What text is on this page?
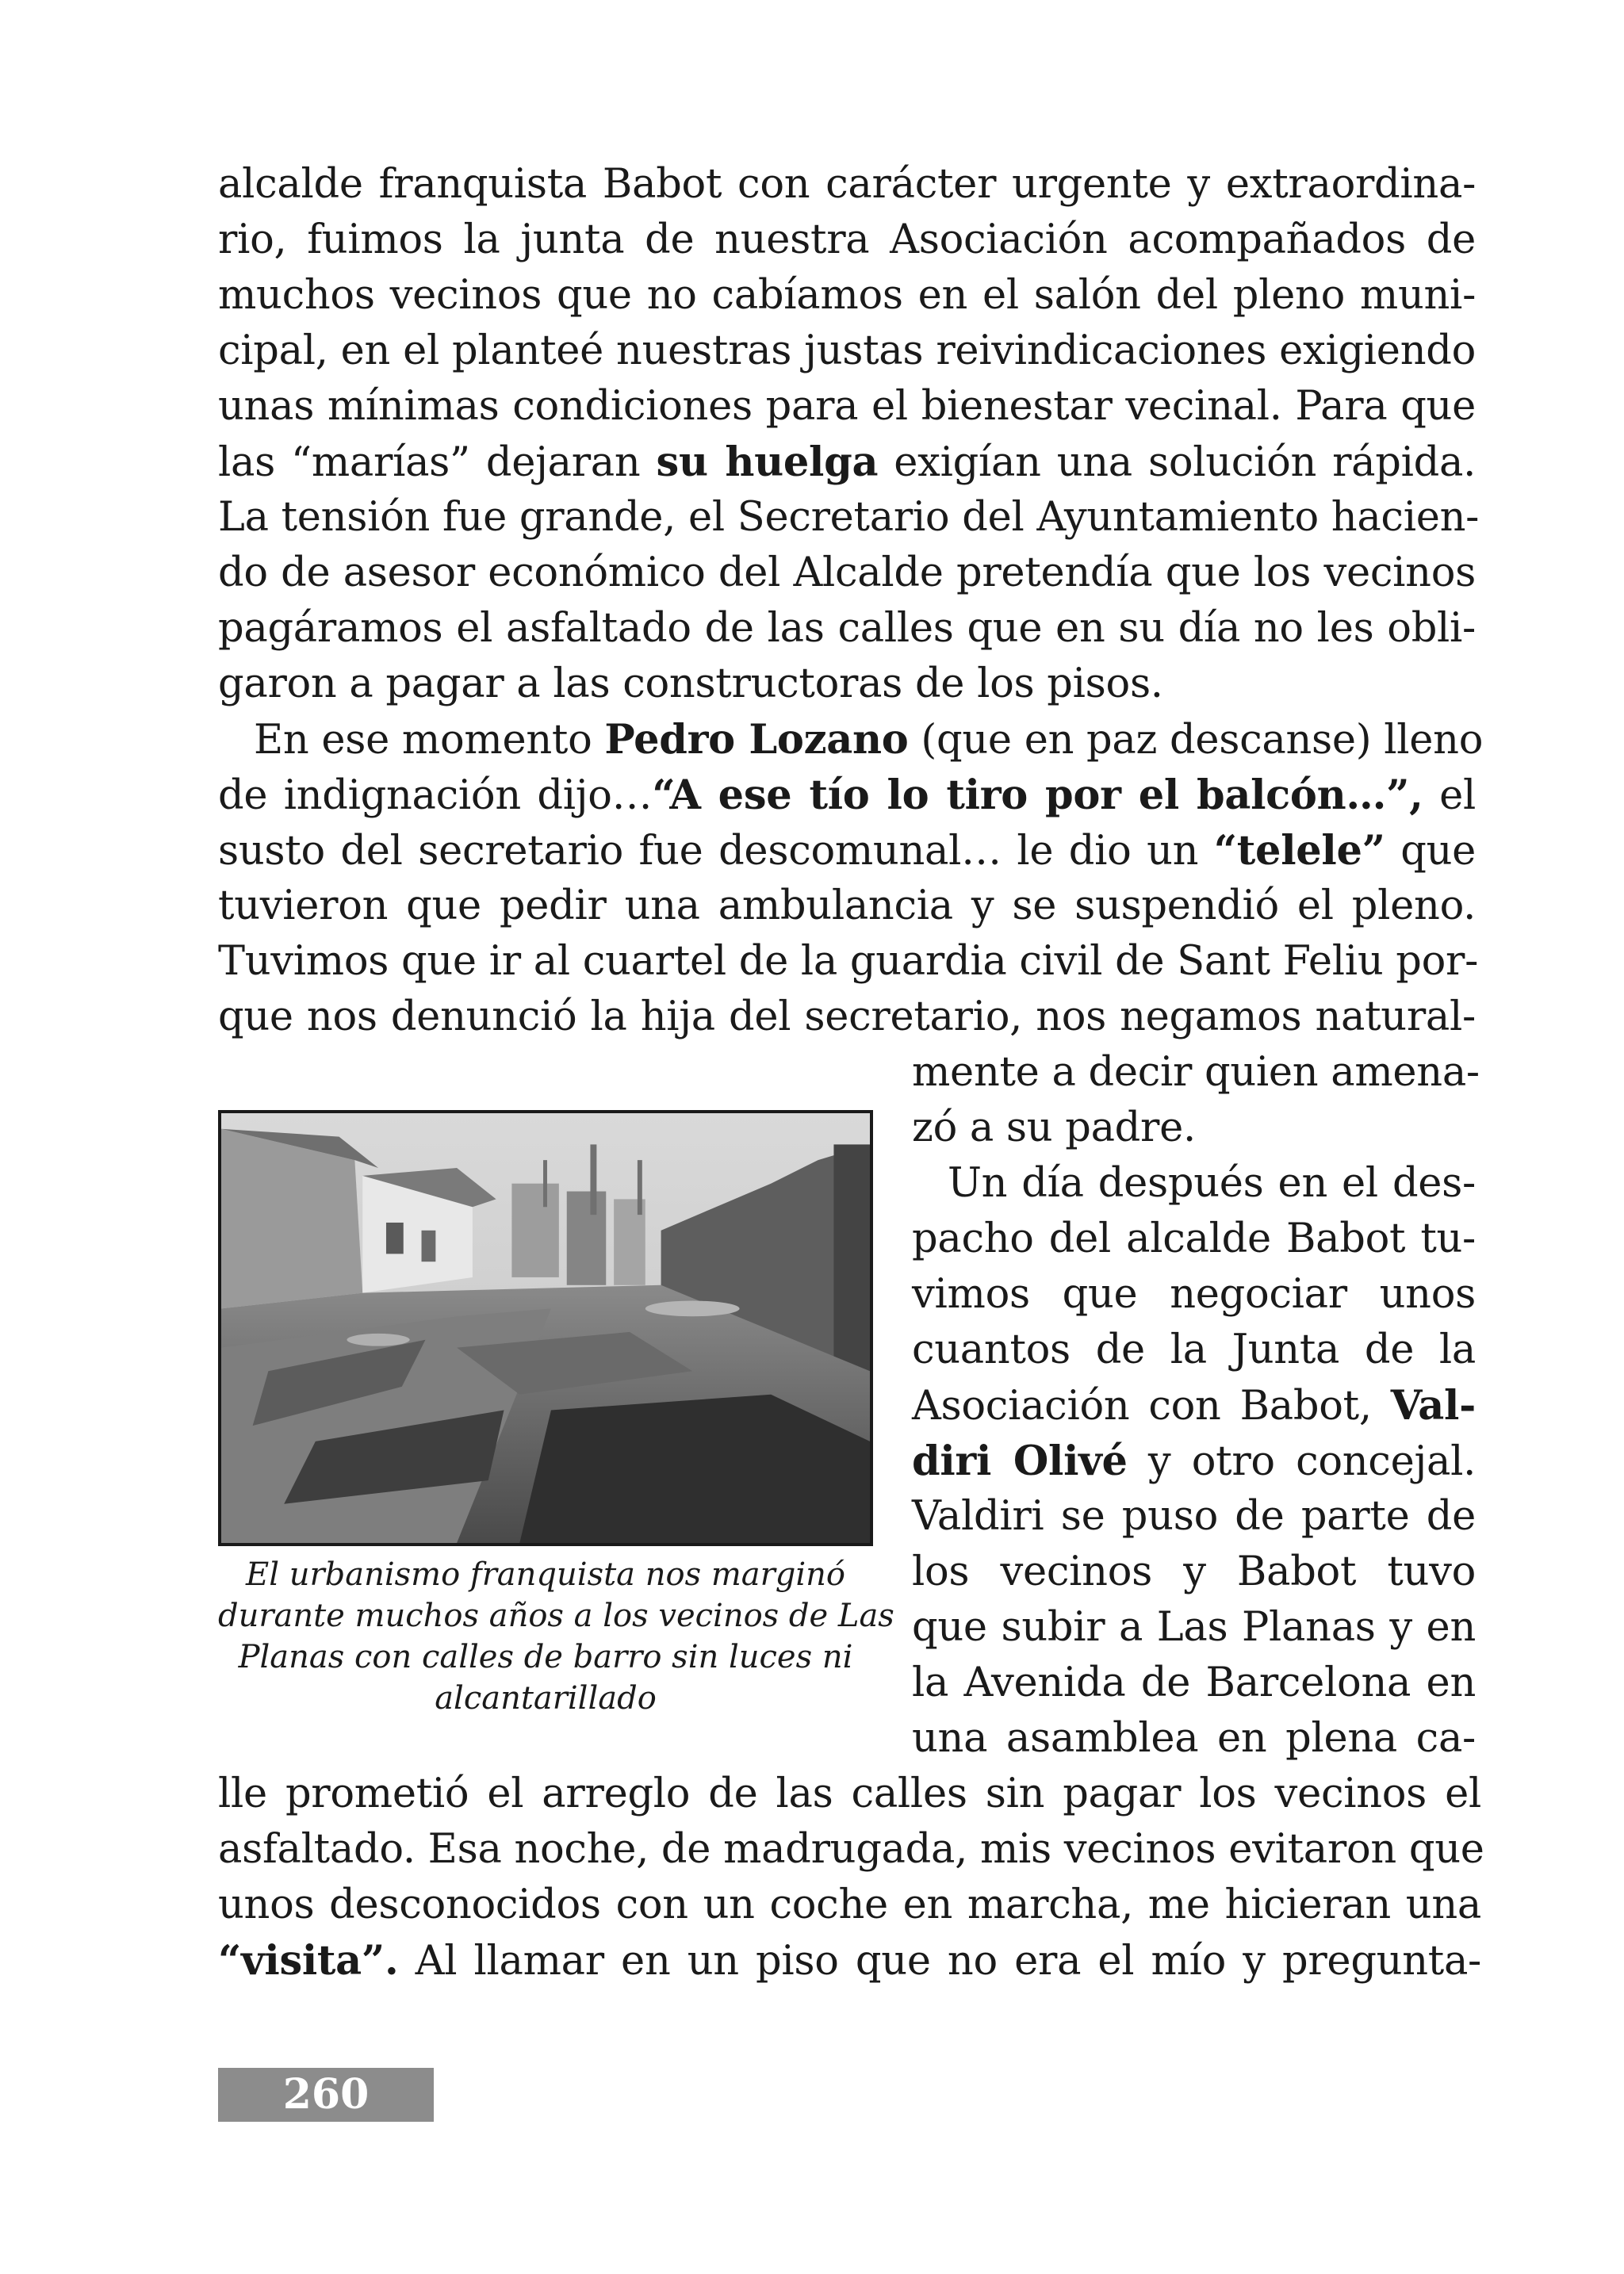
alcalde franquista Babot con carácter urgente y extraordina-
rio, fuimos la junta de nuestra Asociación acompañados de
muchos vecinos que no cabíamos en el salón del pleno muni-
cipal, en el planteé nuestras justas reivindicaciones exigiendo
unas mínimas condiciones para el bienestar vecinal. Para que
las “marías” dejaran su huelga exigían una solución rápida.
La tensión fue grande, el Secretario del Ayuntamiento hacien-
do de asesor económico del Alcalde pretendía que los vecinos
pagáramos el asfaltado de las calles que en su día no les obli-
garon a pagar a las constructoras de los pisos.
En ese momento Pedro Lozano (que en paz descanse) lleno
de indignación dijo…“A ese tío lo tiro por el balcón…”, el
susto del secretario fue descomunal… le dio un “telele” que
tuvieron que pedir una ambulancia y se suspendió el pleno.
Tuvimos que ir al cuartel de la guardia civil de Sant Feliu por-
que nos denunció la hija del secretario, nos negamos natural-
mente a decir quien amena-
zó a su padre.
Un día después en el des-
pacho del alcalde Babot tu-
vimos que negociar unos
cuantos de la Junta de la
Asociación con Babot, Val-
diri Olivé y otro concejal.
Valdiri se puso de parte de
los vecinos y Babot tuvo
que subir a Las Planas y en
la Avenida de Barcelona en
una asamblea en plena ca-
lle prometió el arreglo de las calles sin pagar los vecinos el
asfaltado. Esa noche, de madrugada, mis vecinos evitaron que
unos desconocidos con un coche en marcha, me hicieran una
“visita”. Al llamar en un piso que no era el mío y pregunta-
El urbanismo franquista nos marginó
durante muchos años a los vecinos de Las
Planas con calles de barro sin luces ni
alcantarillado
260
